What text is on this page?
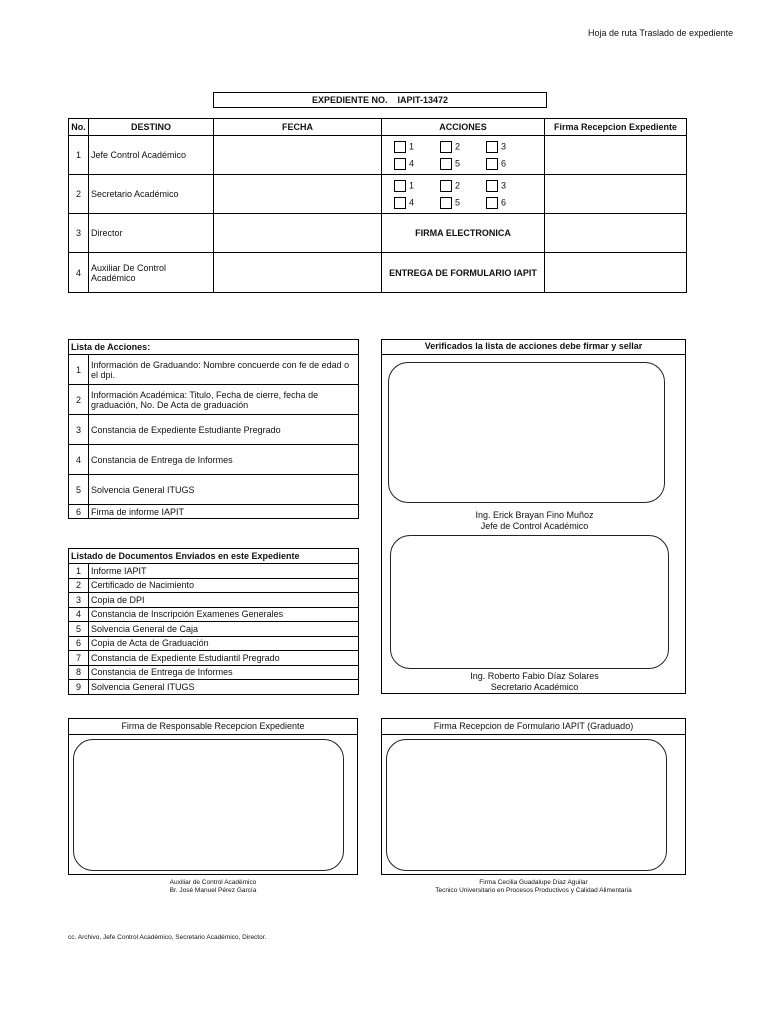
Hoja de ruta Traslado de expediente
EXPEDIENTE NO. IAPIT-13472
No.	DESTINO	FECHA	ACCIONES	Firma Recepcion Expediente
1	Jefe Control Académico		1 2 3
4 5 6	

2	Secretario Académico		1 2 3
4 5 6	

3	Director		FIRMA ELECTRONICA	
4	Auxiliar De Control Académico		ENTREGA DE FORMULARIO IAPIT	
Lista de Acciones:	
1	Información de Graduando: Nombre concuerde con fe de edad o el dpi.
2	Información Académica: Titulo, Fecha de cierre, fecha de graduación, No. De Acta de graduación
3	Constancia de Expediente Estudiante Pregrado
4	Constancia de Entrega de Informes
5	Solvencia General ITUGS
6	Firma de informe IAPIT
Listado de Documentos Enviados en este Expediente	
1	Informe IAPIT
2	Certificado de Nacimiento
3	Copia de DPI
4	Constancia de Inscripción Examenes Generales
5	Solvencia General de Caja
6	Copia de Acta de Graduación
7	Constancia de Expediente Estudiantil Pregrado
8	Constancia de Entrega de Informes
9	Solvencia General ITUGS
Verificados la lista de acciones debe firmar y sellar
Ing. Erick Brayan Fino Muñoz
Jefe de Control Académico
Ing. Roberto Fabio Díaz Solares
Secretario Académico
Firma de Responsable Recepcion Expediente
Auxiliar de Control Académico
Br. José Manuel Pérez García
Firma Recepcion de Formulario IAPIT (Graduado)
Firma Cecilia Guadalupe Díaz Aguilar
Tecnico Universitario en Procesos Productivos y Calidad Alimentaria
cc. Archivo, Jefe Control Académico, Secretario Académico, Director.
